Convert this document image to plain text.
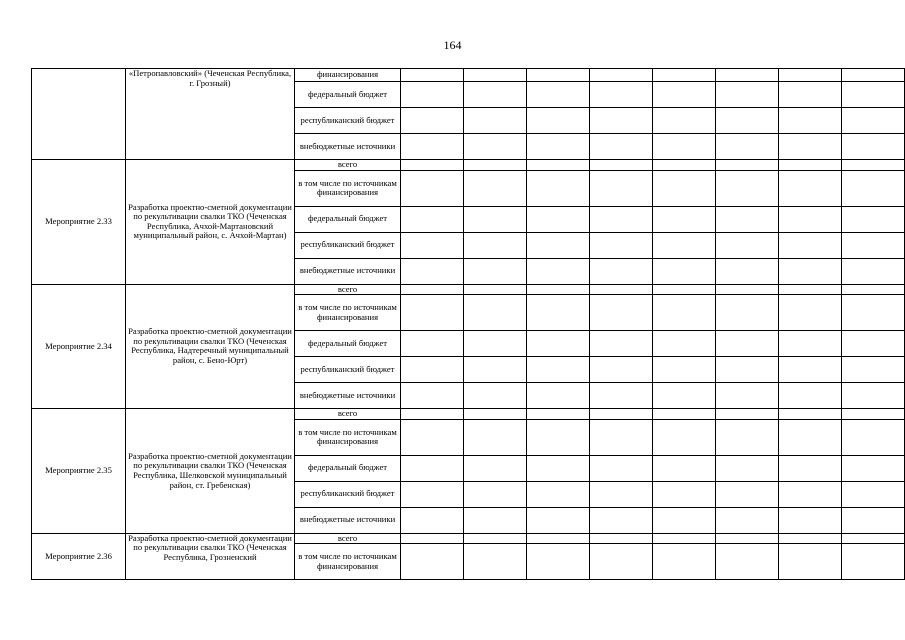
164
	«Петропавловский» (Чеченская Республика, г. Грозный)	финансирования								
		федеральный бюджет								
		республиканский бюджет								
		внебюджетные источники								
Мероприятие 2.33	Разработка проектно-сметной документации по рекультивации свалки ТКО (Чеченская Республика, Ачхой-Мартановский муниципальный район, с. Ачхой-Мартан)	всего								
		в том числе по источникам финансирования								
		федеральный бюджет								
		республиканский бюджет								
		внебюджетные источники								
Мероприятие 2.34	Разработка проектно-сметной документации по рекультивации свалки ТКО (Чеченская Республика, Надтеречный муниципальный район, с. Бено-Юрт)	всего								
		в том числе по источникам финансирования								
		федеральный бюджет								
		республиканский бюджет								
		внебюджетные источники								
Мероприятие 2.35	Разработка проектно-сметной документации по рекультивации свалки ТКО (Чеченская Республика, Шелковской муниципальный район, ст. Гребенская)	всего								
		в том числе по источникам финансирования								
		федеральный бюджет								
		республиканский бюджет								
		внебюджетные источники								
Мероприятие 2.36	Разработка проектно-сметной документации по рекультивации свалки ТКО (Чеченская Республика, Грозненский	всего								
		в том числе по источникам финансирования								
